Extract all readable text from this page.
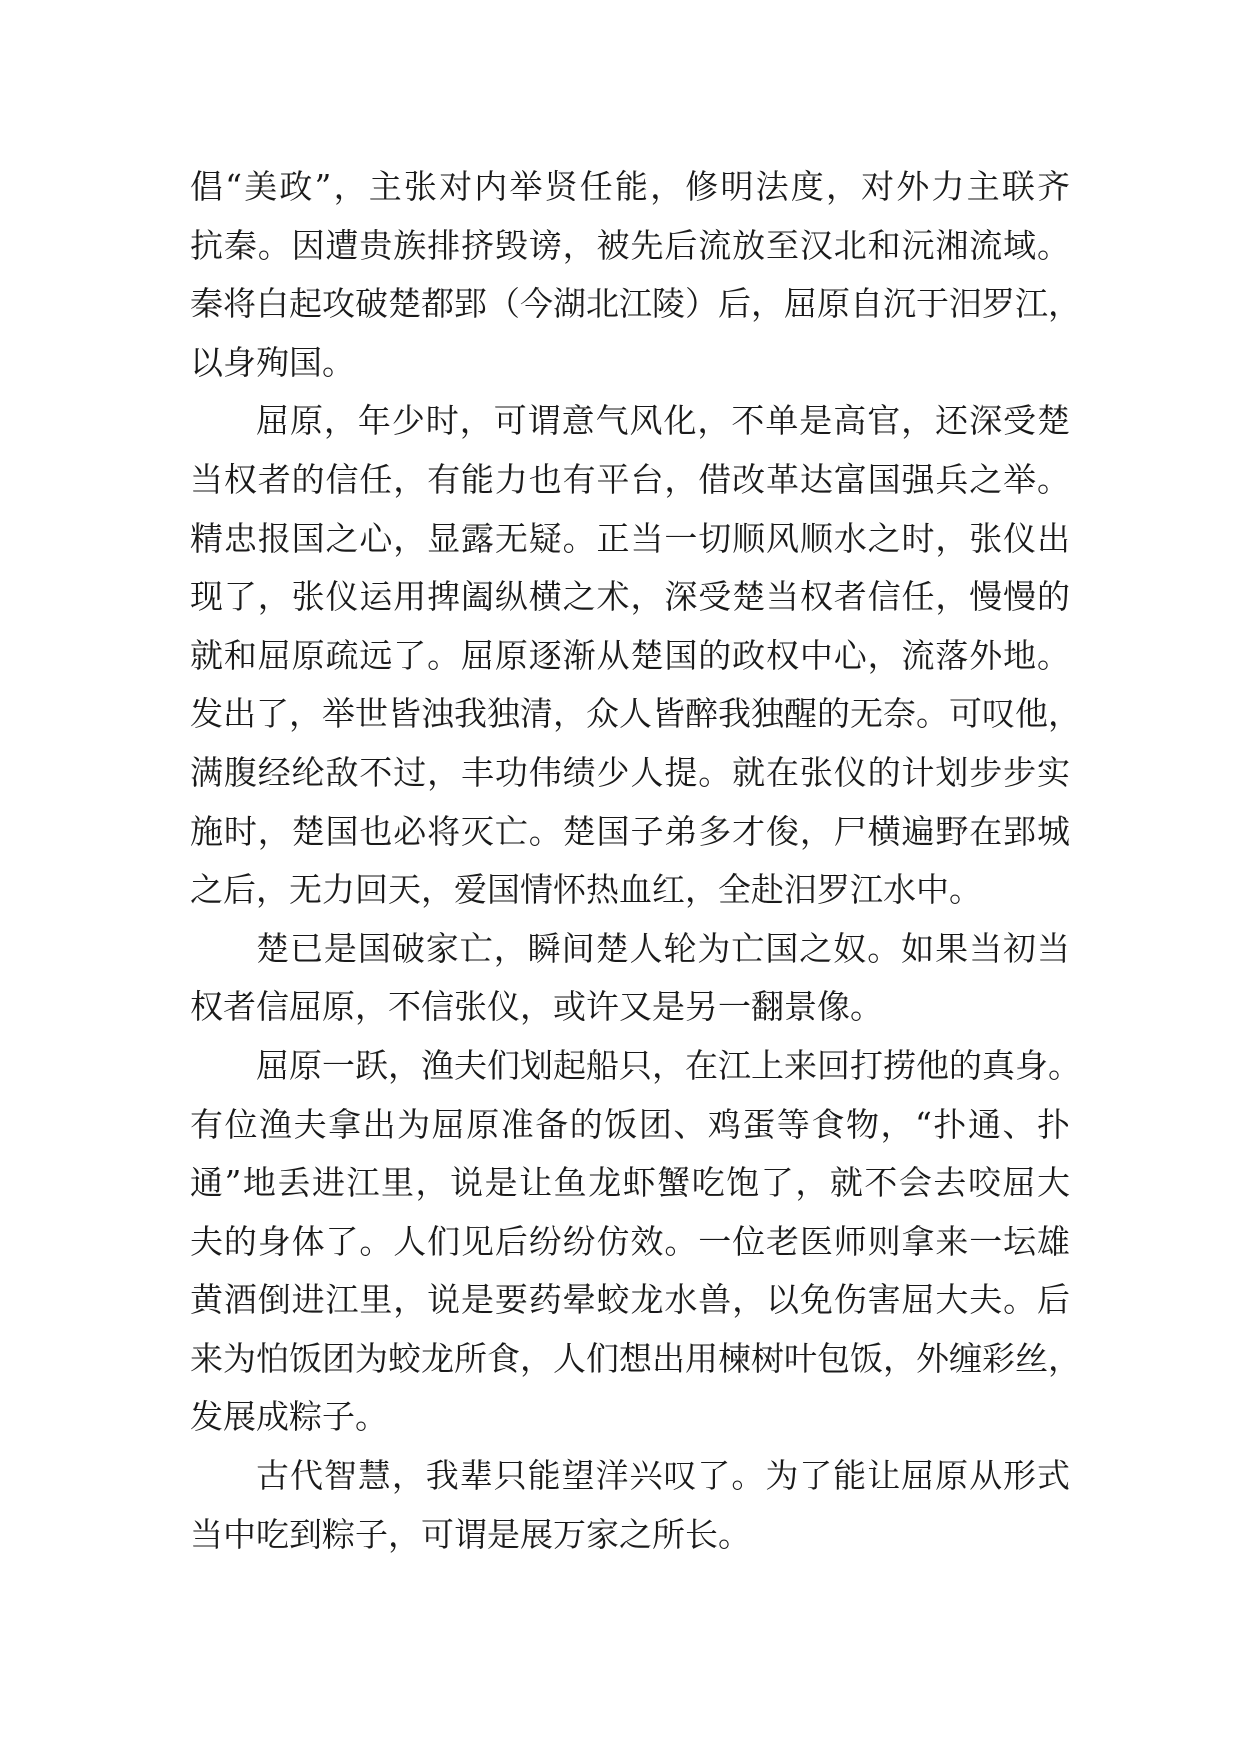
倡“美政”，主张对内举贤任能，修明法度，对外力主联齐
抗秦。因遭贵族排挤毁谤，被先后流放至汉北和沅湘流域。
秦将白起攻破楚都郢（今湖北江陵）后，屈原自沉于汨罗江，
以身殉国。
屈原，年少时，可谓意气风化，不单是高官，还深受楚
当权者的信任，有能力也有平台，借改革达富国强兵之举。
精忠报国之心，显露无疑。正当一切顺风顺水之时，张仪出
现了，张仪运用捭阖纵横之术，深受楚当权者信任，慢慢的
就和屈原疏远了。屈原逐渐从楚国的政权中心，流落外地。
发出了，举世皆浊我独清，众人皆醉我独醒的无奈。可叹他，
满腹经纶敌不过，丰功伟绩少人提。就在张仪的计划步步实
施时，楚国也必将灭亡。楚国子弟多才俊，尸横遍野在郢城
之后，无力回天，爱国情怀热血红，全赴汨罗江水中。
楚已是国破家亡，瞬间楚人轮为亡国之奴。如果当初当
权者信屈原，不信张仪，或许又是另一翻景像。
屈原一跃，渔夫们划起船只，在江上来回打捞他的真身。
有位渔夫拿出为屈原准备的饭团、鸡蛋等食物，“扑通、扑
通”地丢进江里，说是让鱼龙虾蟹吃饱了，就不会去咬屈大
夫的身体了。人们见后纷纷仿效。一位老医师则拿来一坛雄
黄酒倒进江里，说是要药晕蛟龙水兽，以免伤害屈大夫。后
来为怕饭团为蛟龙所食，人们想出用楝树叶包饭，外缠彩丝，
发展成粽子。
古代智慧，我辈只能望洋兴叹了。为了能让屈原从形式
当中吃到粽子，可谓是展万家之所长。
